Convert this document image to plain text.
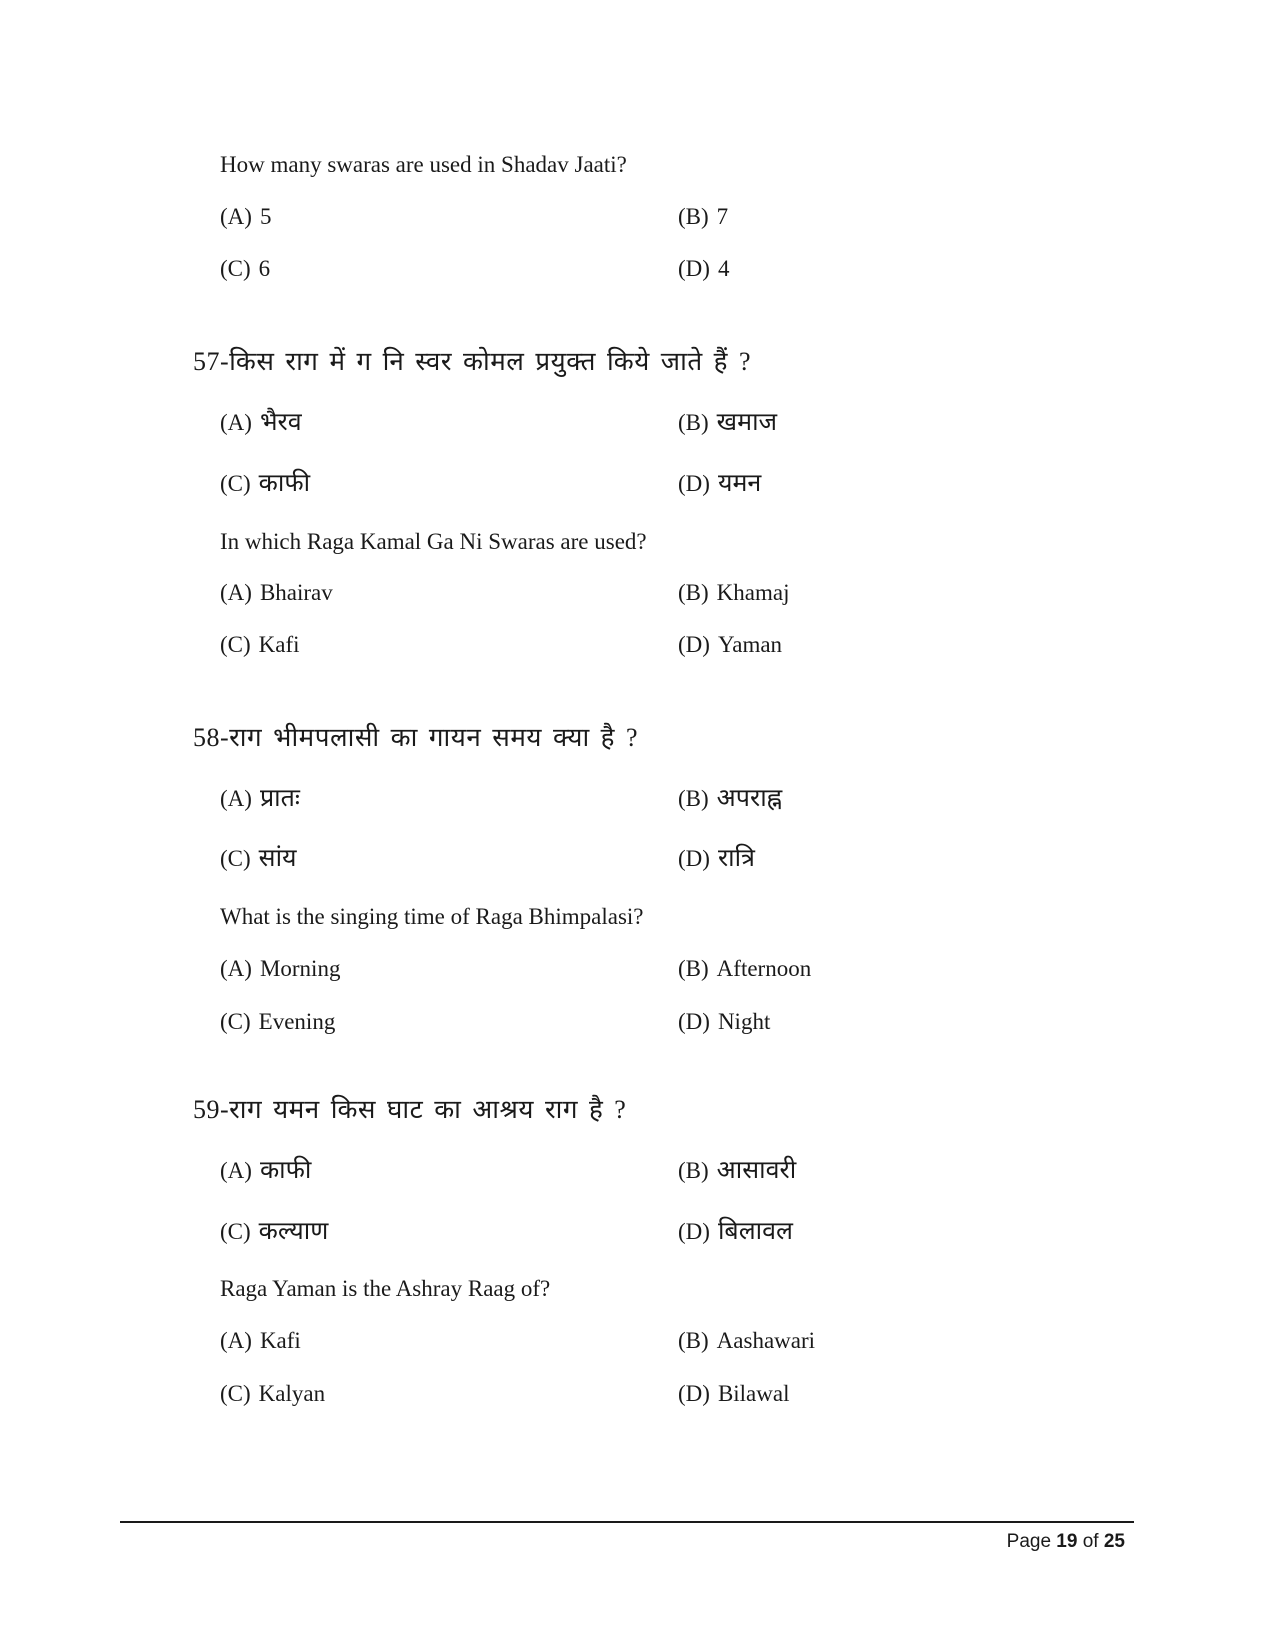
How many swaras are used in Shadav Jaati?
(A) 5	(B) 7
(C) 6	(D) 4
57-किस राग में ग नि स्वर कोमल प्रयुक्त किये जाते हैं ?
(A) भैरव	(B) खमाज
(C) काफी	(D) यमन
In which Raga Kamal Ga Ni Swaras are used?
(A) Bhairav	(B) Khamaj
(C) Kafi	(D) Yaman
58-राग भीमपलासी का गायन समय क्या है ?
(A) प्रातः	(B) अपराह्न
(C) सांय	(D) रात्रि
What is the singing time of Raga Bhimpalasi?
(A) Morning	(B) Afternoon
(C) Evening	(D) Night
59-राग यमन किस घाट का आश्रय राग है ?
(A) काफी	(B) आसावरी
(C) कल्याण	(D) बिलावल
Raga Yaman is the Ashray Raag of?
(A) Kafi	(B) Aashawari
(C) Kalyan	(D) Bilawal
Page 19 of 25
